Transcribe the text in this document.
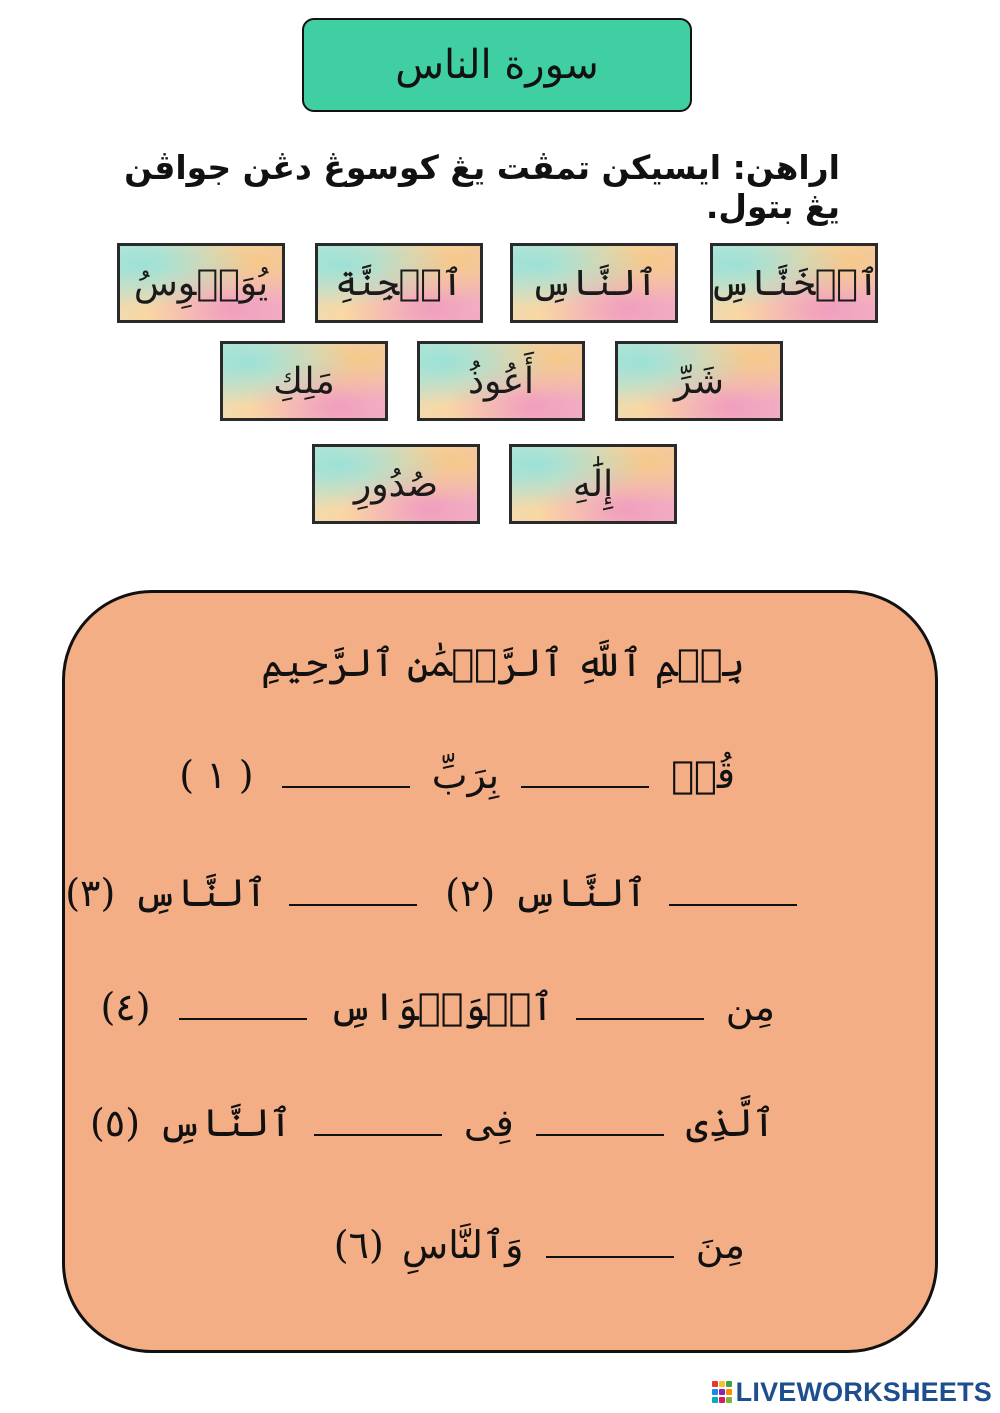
سورة الناس
اراهن: ايسيكن تمڤت يڠ کوسوڠ دڠن جواڤن يڠ بتول.
ٱلۡخَنَّاسِ
ٱلنَّاسِ
ٱلۡجِنَّةِ
يُوَسۡوِسُ
شَرِّ
أَعُوذُ
مَلِكِ
إِلَٰهِ
صُدُورِ
بِسۡمِ ٱللَّهِ ٱلرَّحۡمَٰنِ ٱلرَّحِيمِ
قُلۡ  بِرَبِّ  ( ١ )
ٱلنَّاسِ (٢)  ٱلنَّاسِ (٣)
مِن  ٱلۡوَسۡوَاسِ  (٤)
ٱلَّذِى  فِى  ٱلنَّاسِ (٥)
مِنَ  وَٱلنَّاسِ (٦)
LIVEWORKSHEETS
